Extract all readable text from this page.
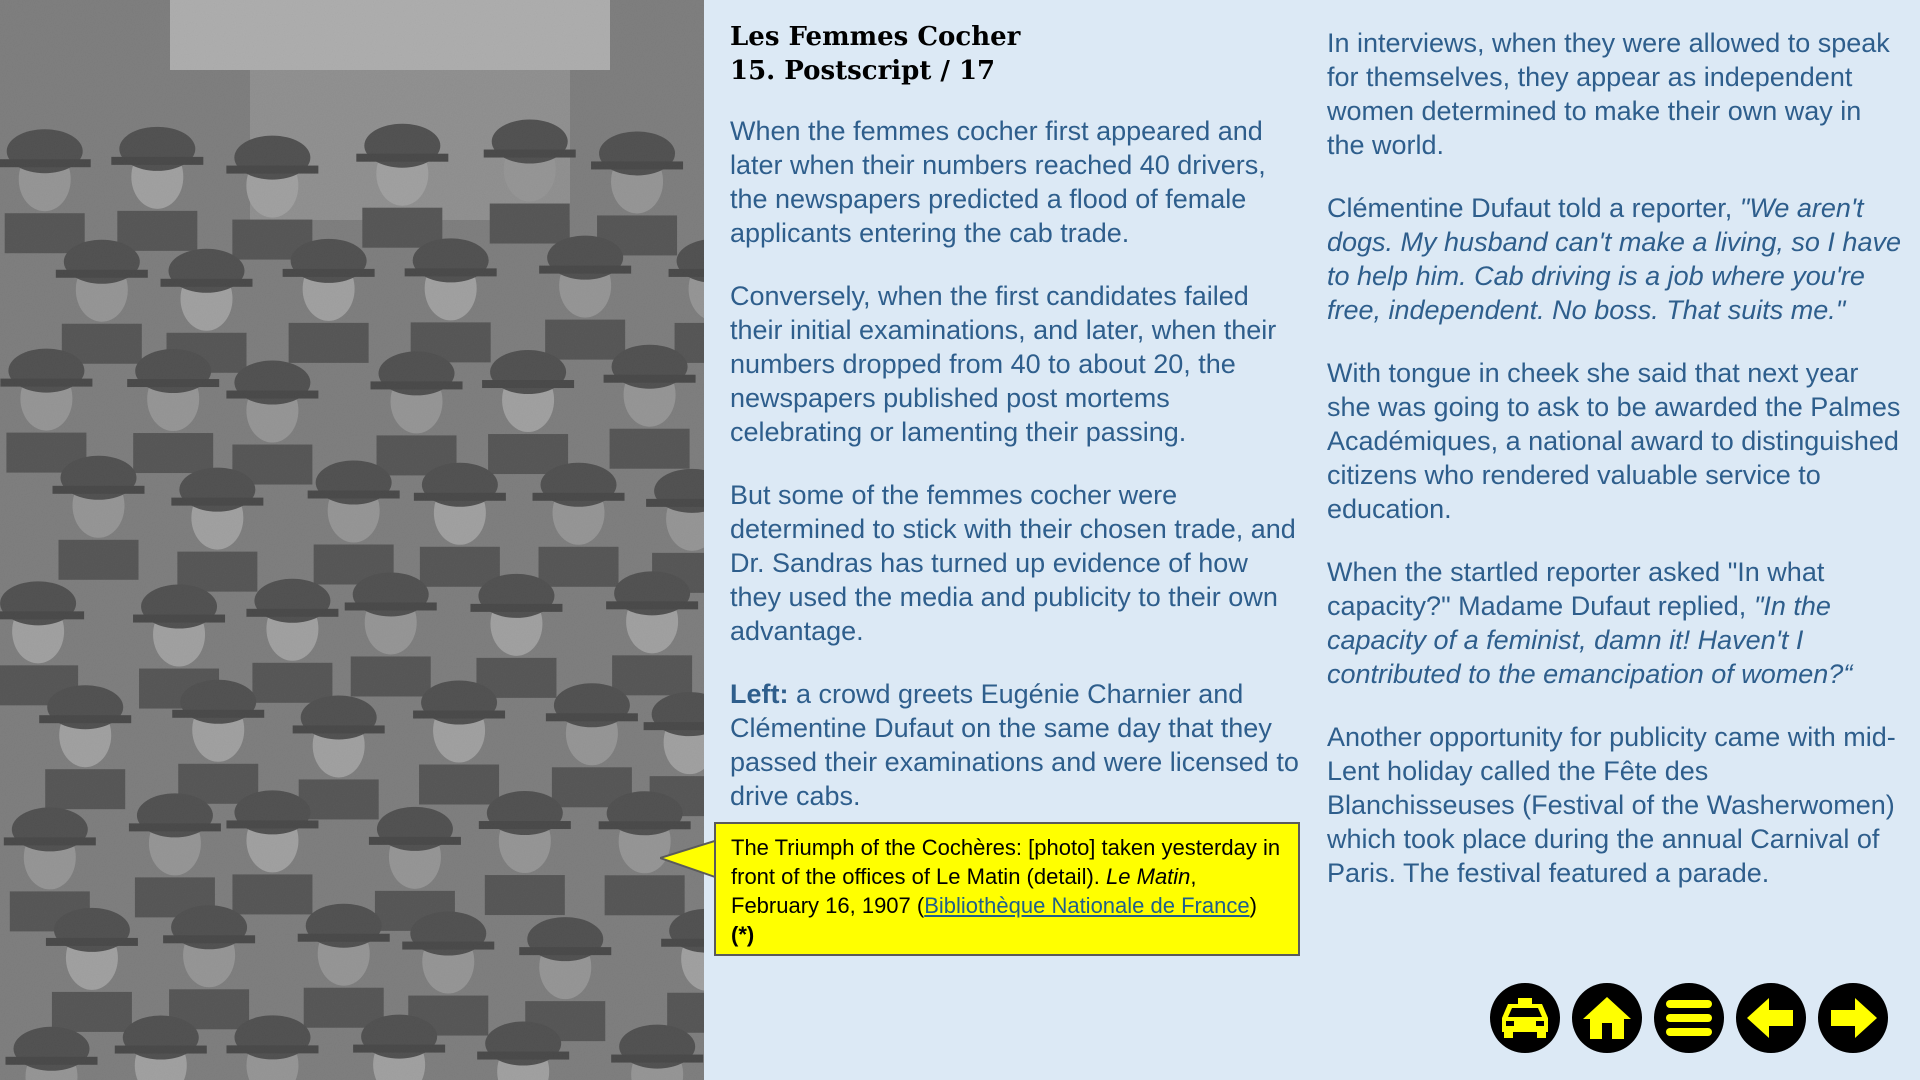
Les Femmes Cocher
15. Postscript / 17

When the femmes cocher first appeared and later when their numbers reached 40 drivers, the newspapers predicted a flood of female applicants entering the cab trade.

Conversely, when the first candidates failed their initial examinations, and later, when their numbers dropped from 40 to about 20, the newspapers published post mortems celebrating or lamenting their passing.

But some of the femmes cocher were determined to stick with their chosen trade, and Dr. Sandras has turned up evidence of how they used the media and publicity to their own advantage.

Left: a crowd greets Eugénie Charnier and Clémentine Dufaut on the same day that they passed their examinations and were licensed to drive cabs.

The Triumph of the Cochères: [photo] taken yesterday in front of the offices of Le Matin (detail). Le Matin, February 16, 1907 (Bibliothèque Nationale de France) (*)

In interviews, when they were allowed to speak for themselves, they appear as independent women determined to make their own way in the world.

Clémentine Dufaut told a reporter, "We aren't dogs. My husband can't make a living, so I have to help him. Cab driving is a job where you're free, independent. No boss. That suits me."

With tongue in cheek she said that next year she was going to ask to be awarded the Palmes Académiques, a national award to distinguished citizens who rendered valuable service to education.

When the startled reporter asked "In what capacity?" Madame Dufaut replied, "In the capacity of a feminist, damn it! Haven't I contributed to the emancipation of women?“

Another opportunity for publicity came with mid-Lent holiday called the Fête des Blanchisseuses (Festival of the Washerwomen) which took place during the annual Carnival of Paris. The festival featured a parade.
